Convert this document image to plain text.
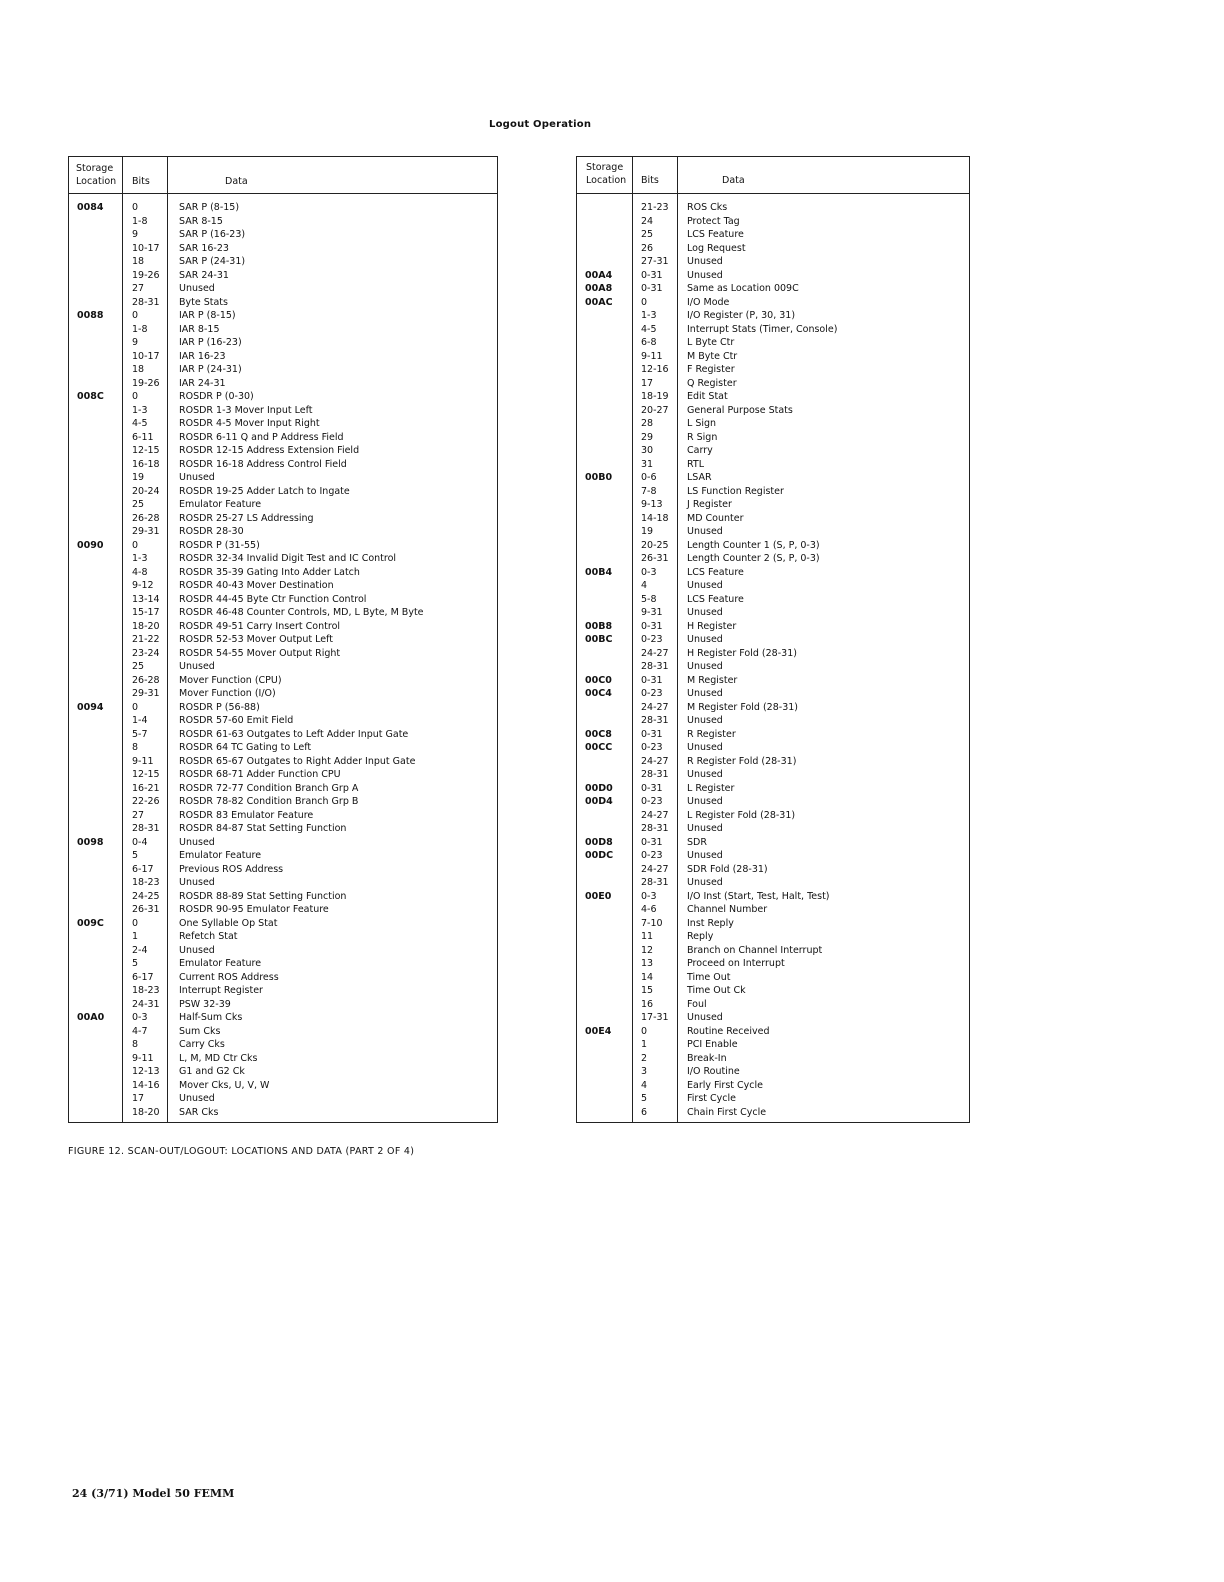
Logout Operation
Storage
Location Bits	Data
0084	0	SAR P (8-15)
1-8	SAR 8-15
9	SAR P (16-23)
10-17 SAR 16-23
18	SAR P (24-31)
19-26 SAR 24-31
27	Unused
28-31 Byte Stats
0088	0	IAR P (8-15)
1-8	IAR 8-15
9	IAR P (16-23)
10-17 IAR 16-23
18	IAR P (24-31)
19-26 IAR 24-31
008C	0	ROSDR P (0-30)
1-3	ROSDR 1-3 Mover Input Left
4-5	ROSDR 4-5 Mover Input Right
6-11	ROSDR 6-11 Q and P Address Field
12-15 ROSDR 12-15 Address Extension Field
16-18 ROSDR 16-18 Address Control Field
19	Unused
20-24 ROSDR 19-25 Adder Latch to Ingate
25	Emulator Feature
26-28 ROSDR 25-27 LS Addressing
29-31 ROSDR 28-30
0090	0	ROSDR P (31-55)
1-3	ROSDR 32-34 Invalid Digit Test and IC Control
4-8	ROSDR 35-39 Gating Into Adder Latch
9-12	ROSDR 40-43 Mover Destination
13-14 ROSDR 44-45 Byte Ctr Function Control
15-17 ROSDR 46-48 Counter Controls, MD, L Byte, M Byte
18-20 ROSDR 49-51 Carry Insert Control
21-22 ROSDR 52-53 Mover Output Left
23-24 ROSDR 54-55 Mover Output Right
25	Unused
26-28 Mover Function (CPU)
29-31 Mover Function (I/O)
0094	0	ROSDR P (56-88)
1-4	ROSDR 57-60 Emit Field
5-7	ROSDR 61-63 Outgates to Left Adder Input Gate
8	ROSDR 64 TC Gating to Left
9-11	ROSDR 65-67 Outgates to Right Adder Input Gate
12-15 ROSDR 68-71 Adder Function CPU
16-21 ROSDR 72-77 Condition Branch Grp A
22-26 ROSDR 78-82 Condition Branch Grp B
27	ROSDR 83 Emulator Feature
28-31 ROSDR 84-87 Stat Setting Function
0098	0-4	Unused
5	Emulator Feature
6-17	Previous ROS Address
18-23 Unused
24-25 ROSDR 88-89 Stat Setting Function
26-31 ROSDR 90-95 Emulator Feature
009C	0	One Syllable Op Stat
1	Refetch Stat
2-4	Unused
5	Emulator Feature
6-17	Current ROS Address
18-23 Interrupt Register
24-31 PSW 32-39
00A0	0-3	Half-Sum Cks
4-7	Sum Cks
8	Carry Cks
9-11	L, M, MD Ctr Cks
12-13 G1 and G2 Ck
14-16 Mover Cks, U, V, W
17	Unused
18-20 SAR Cks
Storage
Location Bits	Data
21-23 ROS Cks
24	Protect Tag
25	LCS Feature
26	Log Request
27-31 Unused
00A4	0-31	Unused
00A8	0-31	Same as Location 009C
00AC	0	I/O Mode
1-3	I/O Register (P, 30, 31)
4-5	Interrupt Stats (Timer, Console)
6-8	L Byte Ctr
9-11	M Byte Ctr
12-16 F Register
17	Q Register
18-19 Edit Stat
20-27 General Purpose Stats
28	L Sign
29	R Sign
30	Carry
31	RTL
00B0	0-6	LSAR
7-8	LS Function Register
9-13	J Register
14-18 MD Counter
19	Unused
20-25 Length Counter 1 (S, P, 0-3)
26-31 Length Counter 2 (S, P, 0-3)
00B4	0-3	LCS Feature
4	Unused
5-8	LCS Feature
9-31	Unused
00B8	0-31	H Register
00BC	0-23	Unused
24-27 H Register Fold (28-31)
28-31 Unused
00C0	0-31	M Register
00C4	0-23	Unused
24-27 M Register Fold (28-31)
28-31 Unused
00C8	0-31	R Register
00CC	0-23	Unused
24-27 R Register Fold (28-31)
28-31 Unused
00D0	0-31	L Register
00D4	0-23	Unused
24-27 L Register Fold (28-31)
28-31 Unused
00D8	0-31	SDR
00DC	0-23	Unused
24-27 SDR Fold (28-31)
28-31 Unused
00E0	0-3	I/O Inst (Start, Test, Halt, Test)
4-6	Channel Number
7-10	Inst Reply
11	Reply
12	Branch on Channel Interrupt
13	Proceed on Interrupt
14	Time Out
15	Time Out Ck
16	Foul
17-31 Unused
00E4	0	Routine Received
1	PCI Enable
2	Break-In
3	I/O Routine
4	Early First Cycle
5	First Cycle
6	Chain First Cycle
FIGURE 12. SCAN-OUT/LOGOUT: LOCATIONS AND DATA (PART 2 OF 4)
24 (3/71) Model 50 FEMM
